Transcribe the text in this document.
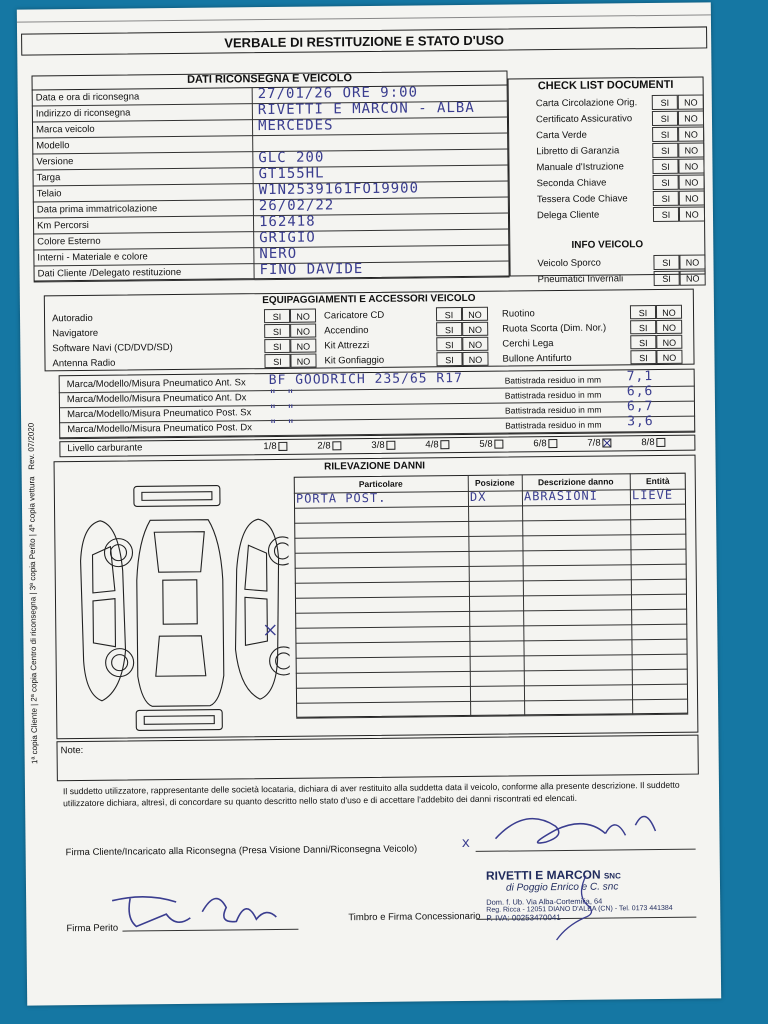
VERBALE DI RESTITUZIONE E STATO D'USO
DATI RICONSEGNA E VEICOLO
Data e ora di riconsegna	27/01/26 ORE 9:00
Indirizzo di riconsegna	RIVETTI E MARCON - ALBA
Marca veicolo	MERCEDES
Modello
Versione	GLC 200
Targa	GT155HL
Telaio	W1N2539161FO19900
Data prima immatricolazione	26/02/22
Km Percorsi	162418
Colore Esterno	GRIGIO
Interni - Materiale e colore	NERO
Dati Cliente /Delegato restituzione	FINO DAVIDE
CHECK LIST DOCUMENTI
Carta Circolazione Orig.	SI	NO
Certificato Assicurativo	SI	NO
Carta Verde	SI	NO
Libretto di Garanzia	SI	NO
Manuale d'Istruzione	SI	NO
Seconda Chiave	SI	NO
Tessera Code Chiave	SI	NO
Delega Cliente	SI	NO
INFO VEICOLO
Veicolo Sporco	SI	NO
Pneumatici Invernali	SI	NO
EQUIPAGGIAMENTI E ACCESSORI VEICOLO
Autoradio	SI	NO	Caricatore CD	SI	NO	Ruotino	SI	NO
Navigatore	SI	NO	Accendino	SI	NO	Ruota Scorta (Dim. Nor.)	SI	NO
Software Navi (CD/DVD/SD)	SI	NO	Kit Attrezzi	SI	NO	Cerchi Lega	SI	NO
Antenna Radio	SI	NO	Kit Gonfiaggio	SI	NO	Bullone Antifurto	SI	NO
Marca/Modello/Misura Pneumatico Ant. Sx BF GOODRICH 235/65 R17	Battistrada residuo in mm 7,1
Marca/Modello/Misura Pneumatico Ant. Dx " "	Battistrada residuo in mm 6,6
Marca/Modello/Misura Pneumatico Post. Sx " "	Battistrada residuo in mm 6,7
Marca/Modello/Misura Pneumatico Post. Dx " "	Battistrada residuo in mm 3,6
Livello carburante	1/8	2/8	3/8	4/8	5/8	6/8	7/8	8/8
RILEVAZIONE DANNI
Particolare	Posizione	Descrizione danno	Entità
PORTA POST.	DX	ABRASIONI	LIEVE
Note:
Il suddetto utilizzatore, rappresentante delle società locataria, dichiara di aver restituito alla suddetta data il veicolo, conforme alla presente descrizione. Il suddetto utilizzatore dichiara, altresì, di concordare su quanto descritto nello stato d'uso e di accettare l'addebito dei danni riscontrati ed elencati.
Firma Cliente/Incaricato alla Riconsegna (Presa Visione Danni/Riconsegna Veicolo)	x
Firma Perito
Timbro e Firma Concessionario
RIVETTI E MARCON SNC
di Poggio Enrico e C. snc
Dom. f. Ub. Via Alba-Cortemilia, 64
Reg. Ricca - 12051 DIANO D'ALBA (CN) - Tel. 0173 441384
P. IVA: 00253470041
1ª copia Cliente | 2ª copia Centro di riconsegna | 3ª copia Perito | 4ª copia vettura   Rev. 07/2020
